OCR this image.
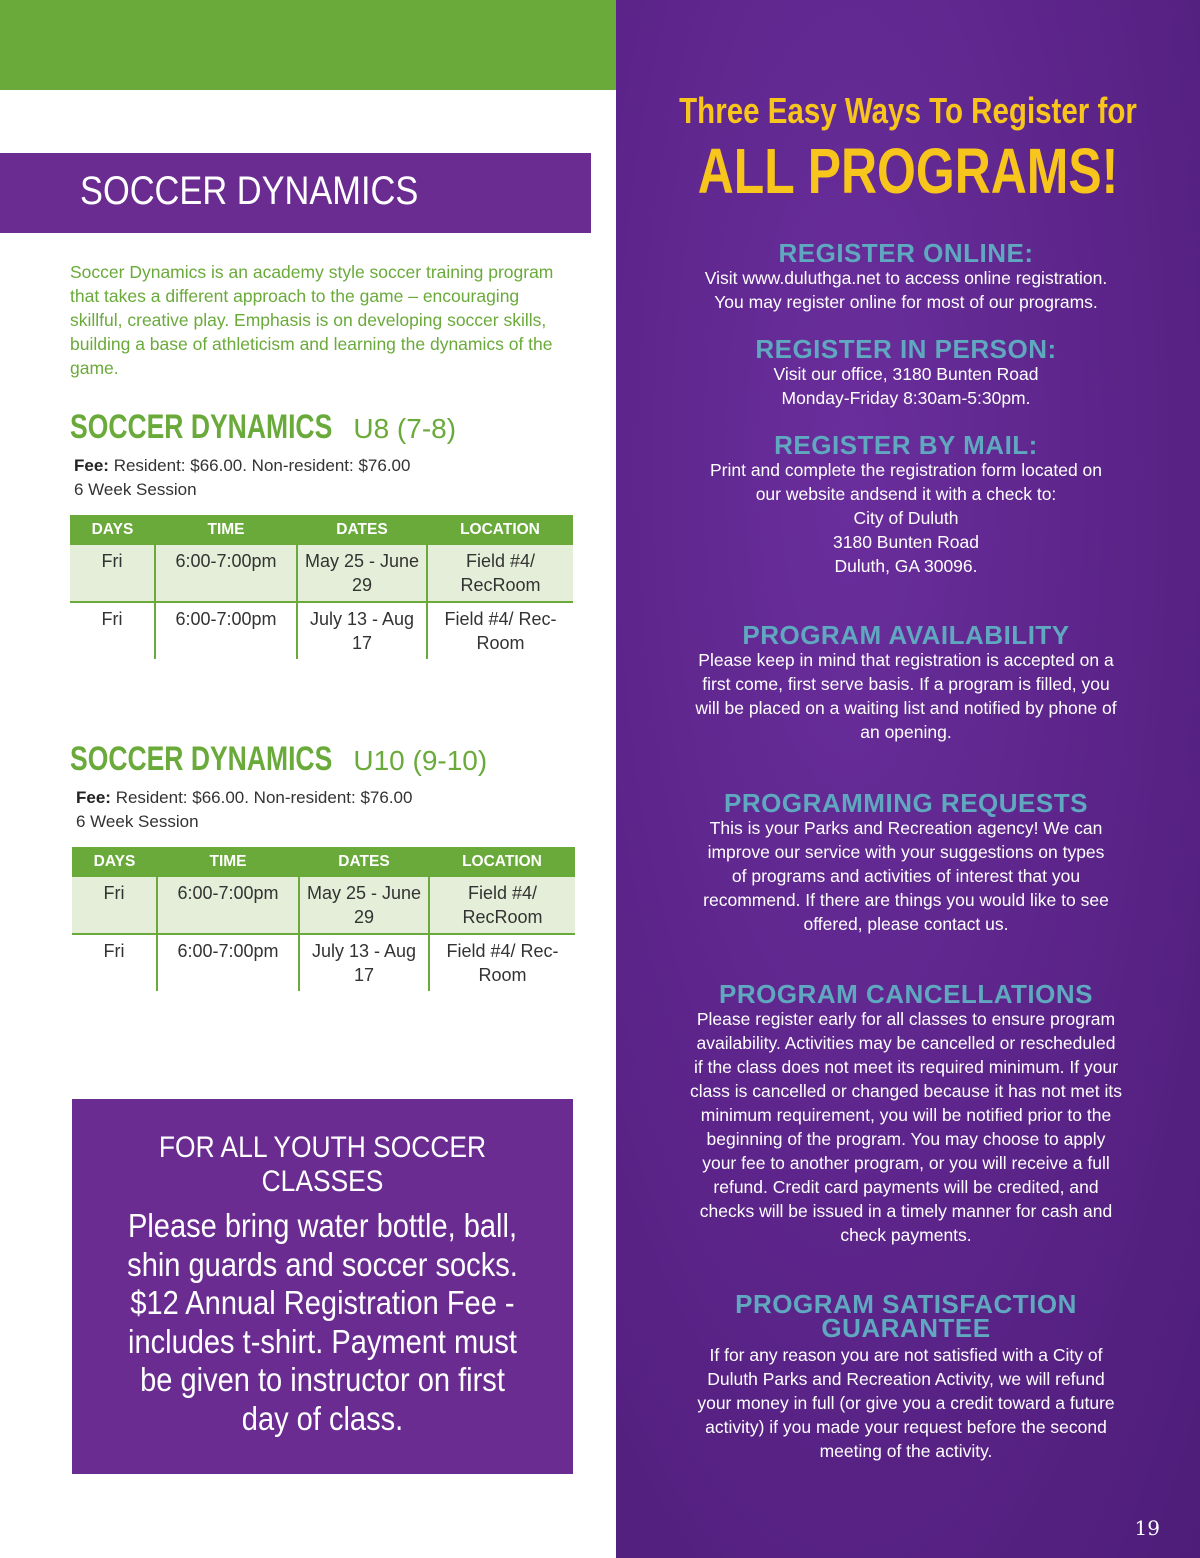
SOCCER DYNAMICS
Soccer Dynamics is an academy style soccer training program that takes a different approach to the game – encouraging skillful, creative play. Emphasis is on developing soccer skills, building a base of athleticism and learning the dynamics of the game.
SOCCER DYNAMICS U8 (7-8)
Fee: Resident: $66.00. Non-resident: $76.00
6 Week Session
DAYS	TIME	DATES	LOCATION
Fri	6:00-7:00pm	May 25 - June 29	Field #4/ RecRoom
Fri	6:00-7:00pm	July 13 - Aug 17	Field #4/ Rec-Room
SOCCER DYNAMICS U10 (9-10)
Fee: Resident: $66.00. Non-resident: $76.00
6 Week Session
DAYS	TIME	DATES	LOCATION
Fri	6:00-7:00pm	May 25 - June 29	Field #4/ RecRoom
Fri	6:00-7:00pm	July 13 - Aug 17	Field #4/ Rec-Room
FOR ALL YOUTH SOCCER CLASSES
Please bring water bottle, ball, shin guards and soccer socks. $12 Annual Registration Fee - includes t-shirt. Payment must be given to instructor on first day of class.
Three Easy Ways To Register for
ALL PROGRAMS!
REGISTER ONLINE:
Visit www.duluthga.net to access online registration.
You may register online for most of our programs.
REGISTER IN PERSON:
Visit our office, 3180 Bunten Road
Monday-Friday 8:30am-5:30pm.
REGISTER BY MAIL:
Print and complete the registration form located on
our website andsend it with a check to:
City of Duluth
3180 Bunten Road
Duluth, GA 30096.
PROGRAM AVAILABILITY
Please keep in mind that registration is accepted on a
first come, first serve basis. If a program is filled, you
will be placed on a waiting list and notified by phone of
an opening.
PROGRAMMING REQUESTS
This is your Parks and Recreation agency! We can
improve our service with your suggestions on types
of programs and activities of interest that you
recommend. If there are things you would like to see
offered, please contact us.
PROGRAM CANCELLATIONS
Please register early for all classes to ensure program
availability. Activities may be cancelled or rescheduled
if the class does not meet its required minimum. If your
class is cancelled or changed because it has not met its
minimum requirement, you will be notified prior to the
beginning of the program. You may choose to apply
your fee to another program, or you will receive a full
refund. Credit card payments will be credited, and
checks will be issued in a timely manner for cash and
check payments.
PROGRAM SATISFACTION GUARANTEE
If for any reason you are not satisfied with a City of
Duluth Parks and Recreation Activity, we will refund
your money in full (or give you a credit toward a future
activity) if you made your request before the second
meeting of the activity.
19
